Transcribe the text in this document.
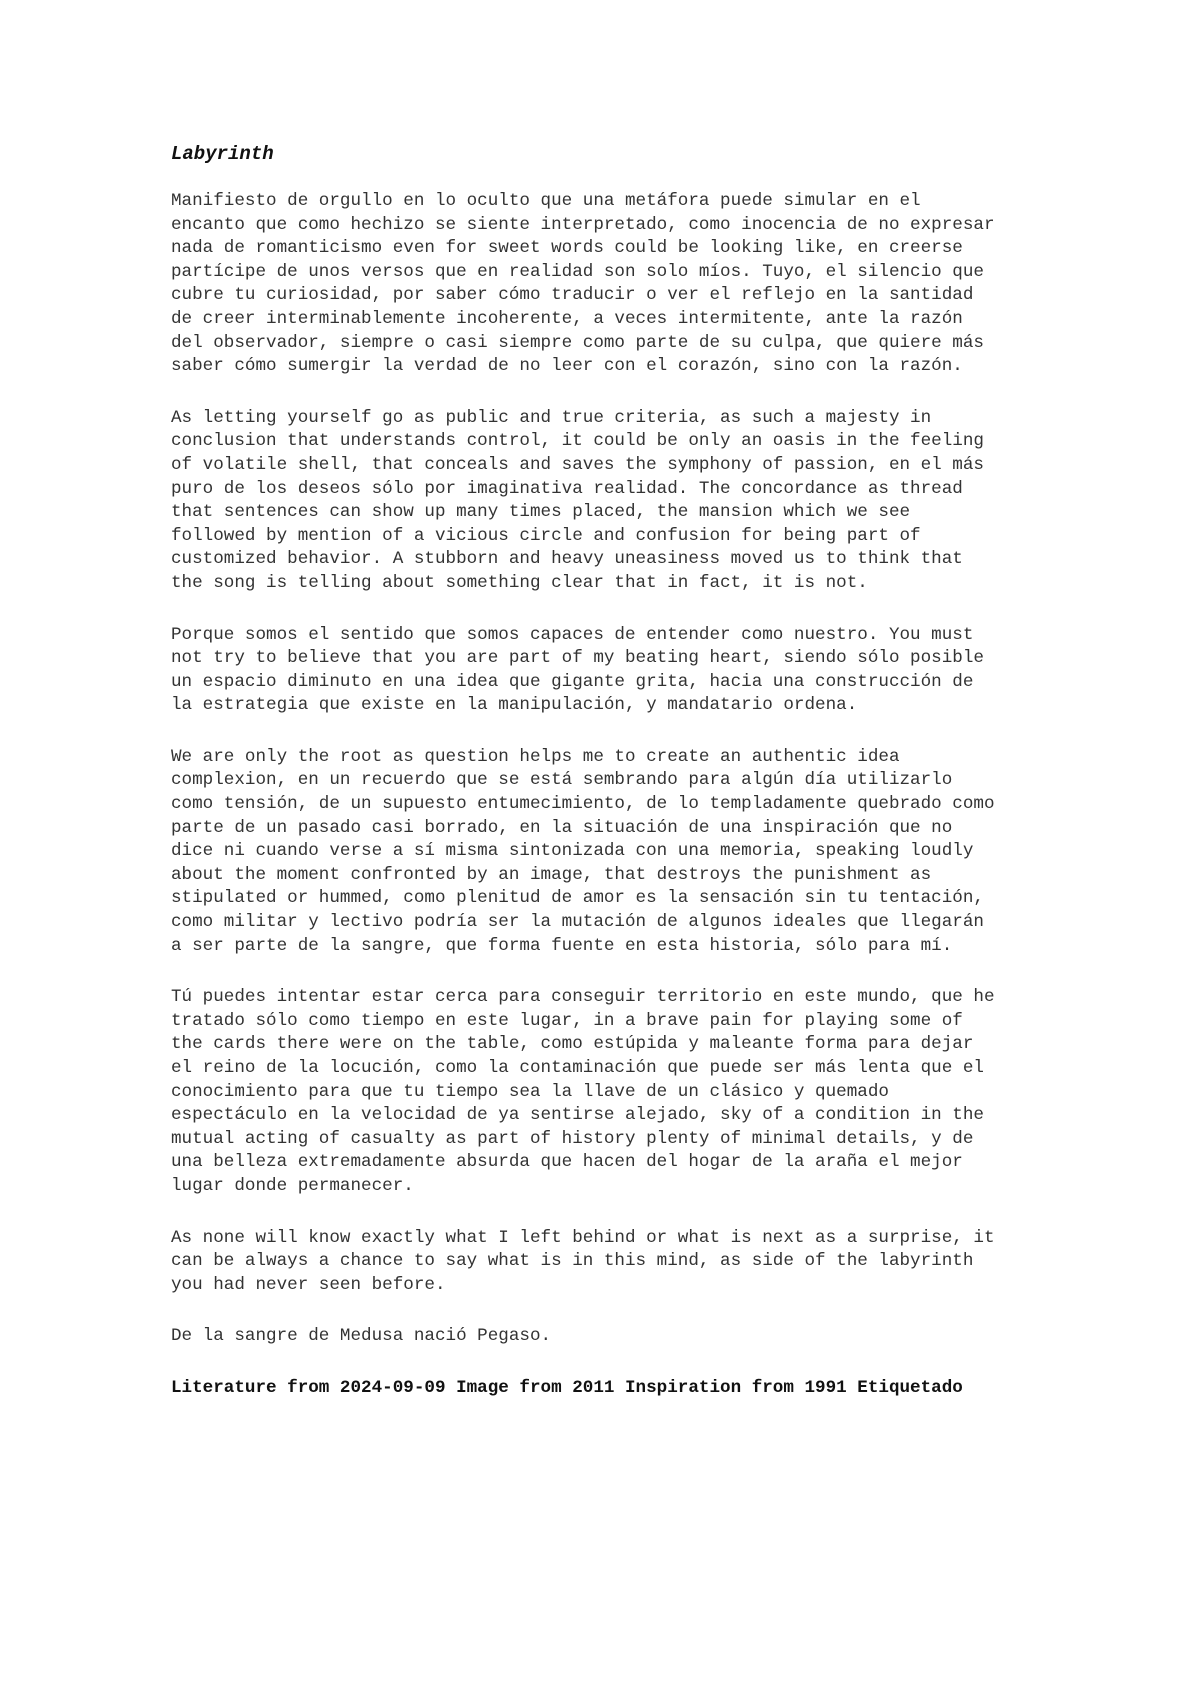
Labyrinth
Manifiesto de orgullo en lo oculto que una metáfora puede simular en el
encanto que como hechizo se siente interpretado, como inocencia de no expresar
nada de romanticismo even for sweet words could be looking like, en creerse
partícipe de unos versos que en realidad son solo míos. Tuyo, el silencio que
cubre tu curiosidad, por saber cómo traducir o ver el reflejo en la santidad
de creer interminablemente incoherente, a veces intermitente, ante la razón
del observador, siempre o casi siempre como parte de su culpa, que quiere más
saber cómo sumergir la verdad de no leer con el corazón, sino con la razón.
As letting yourself go as public and true criteria, as such a majesty in
conclusion that understands control, it could be only an oasis in the feeling
of volatile shell, that conceals and saves the symphony of passion, en el más
puro de los deseos sólo por imaginativa realidad. The concordance as thread
that sentences can show up many times placed, the mansion which we see
followed by mention of a vicious circle and confusion for being part of
customized behavior. A stubborn and heavy uneasiness moved us to think that
the song is telling about something clear that in fact, it is not.
Porque somos el sentido que somos capaces de entender como nuestro. You must
not try to believe that you are part of my beating heart, siendo sólo posible
un espacio diminuto en una idea que gigante grita, hacia una construcción de
la estrategia que existe en la manipulación, y mandatario ordena.
We are only the root as question helps me to create an authentic idea
complexion, en un recuerdo que se está sembrando para algún día utilizarlo
como tensión, de un supuesto entumecimiento, de lo templadamente quebrado como
parte de un pasado casi borrado, en la situación de una inspiración que no
dice ni cuando verse a sí misma sintonizada con una memoria, speaking loudly
about the moment confronted by an image, that destroys the punishment as
stipulated or hummed, como plenitud de amor es la sensación sin tu tentación,
como militar y lectivo podría ser la mutación de algunos ideales que llegarán
a ser parte de la sangre, que forma fuente en esta historia, sólo para mí.
Tú puedes intentar estar cerca para conseguir territorio en este mundo, que he
tratado sólo como tiempo en este lugar, in a brave pain for playing some of
the cards there were on the table, como estúpida y maleante forma para dejar
el reino de la locución, como la contaminación que puede ser más lenta que el
conocimiento para que tu tiempo sea la llave de un clásico y quemado
espectáculo en la velocidad de ya sentirse alejado, sky of a condition in the
mutual acting of casualty as part of history plenty of minimal details, y de
una belleza extremadamente absurda que hacen del hogar de la araña el mejor
lugar donde permanecer.
As none will know exactly what I left behind or what is next as a surprise, it
can be always a chance to say what is in this mind, as side of the labyrinth
you had never seen before.
De la sangre de Medusa nació Pegaso.
Literature from 2024-09-09 Image from 2011 Inspiration from 1991 Etiquetado
